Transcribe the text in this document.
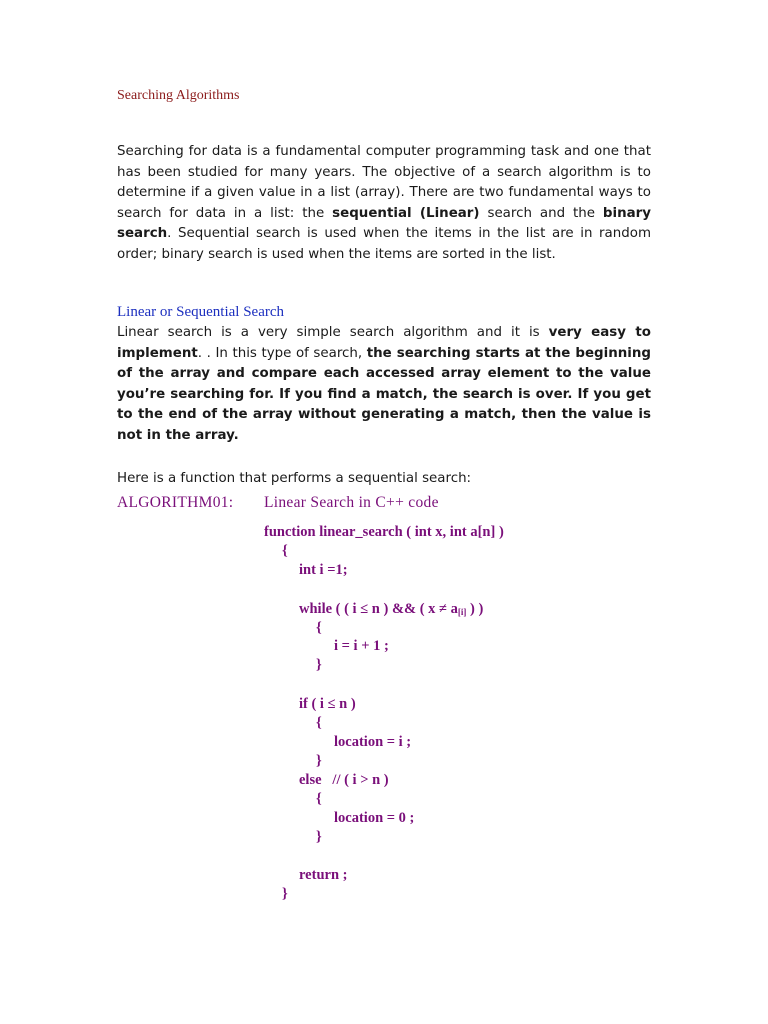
Searching Algorithms
Searching for data is a fundamental computer programming task and one that has been studied for many years. The objective of a search algorithm is to determine if a given value in a list (array). There are two fundamental ways to search for data in a list: the sequential (Linear) search and the binary search. Sequential search is used when the items in the list are in random order; binary search is used when the items are sorted in the list.
Linear or Sequential Search
Linear search is a very simple search algorithm and it is very easy to implement. . In this type of search, the searching starts at the beginning of the array and compare each accessed array element to the value you’re searching for. If you find a match, the search is over. If you get to the end of the array without generating a match, then the value is not in the array.
Here is a function that performs a sequential search:
ALGORITHM01: Linear Search in C++ code
function linear_search ( int x, int a[n] )
{
int i =1;
while ( ( i ≤ n ) && ( $x \ne a_{[i]}$ ) )
{
i = i + 1 ;
}
if ( i ≤ n )
{
location = i ;
}
else   // ( i > n )
{
location = 0 ;
}
return ;
}
